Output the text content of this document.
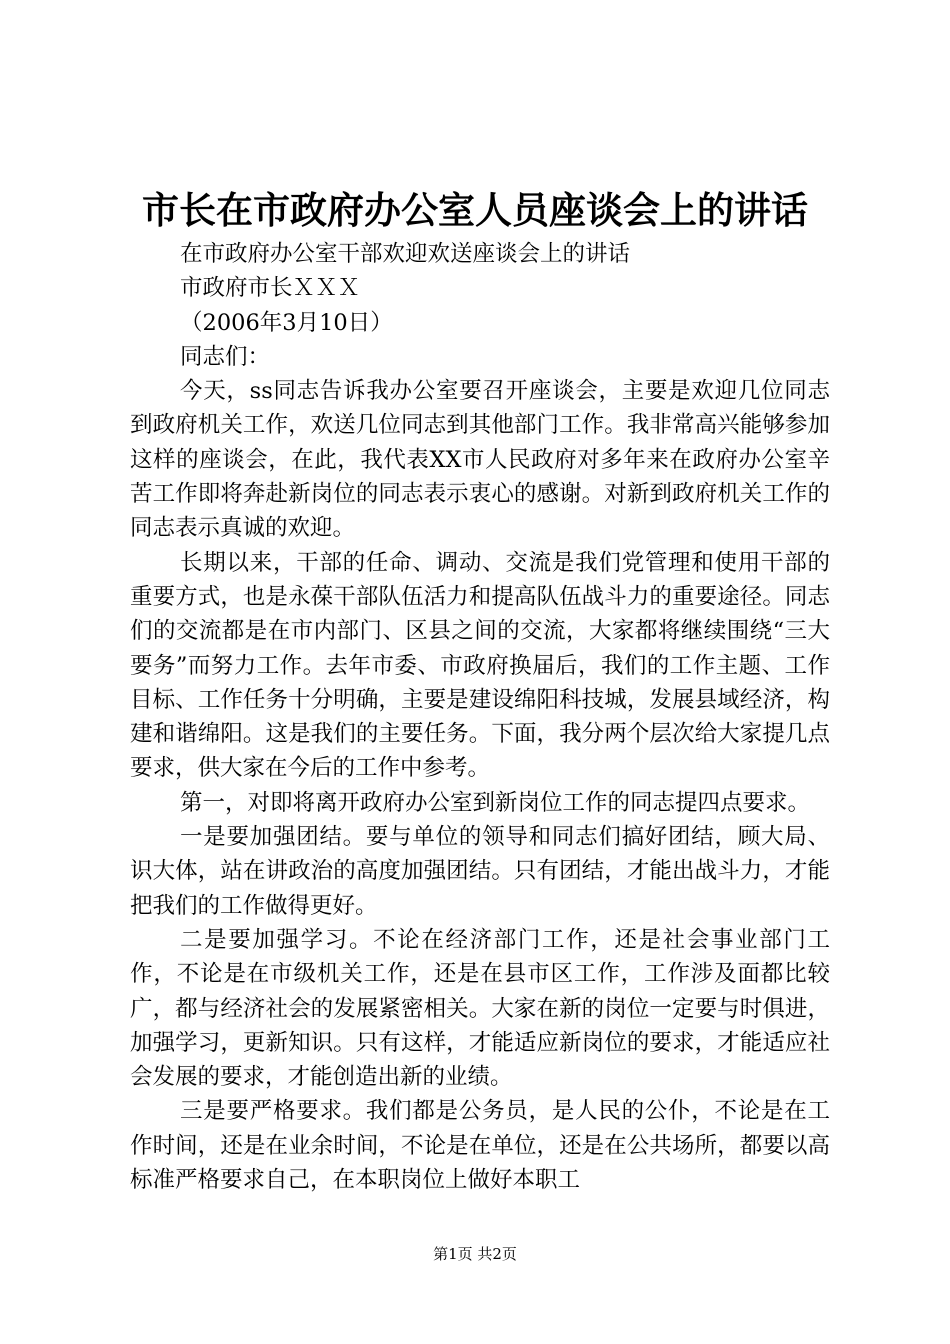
市长在市政府办公室人员座谈会上的讲话
在市政府办公室干部欢迎欢送座谈会上的讲话
市政府市长ＸＸＸ
（2006年3月10日）
同志们：

今天，ss同志告诉我办公室要召开座谈会，主要是欢迎几位同志到政府机关工作，欢送几位同志到其他部门工作。我非常高兴能够参加这样的座谈会，在此，我代表XX市人民政府对多年来在政府办公室辛苦工作即将奔赴新岗位的同志表示衷心的感谢。对新到政府机关工作的同志表示真诚的欢迎。

长期以来，干部的任命、调动、交流是我们党管理和使用干部的重要方式，也是永葆干部队伍活力和提高队伍战斗力的重要途径。同志们的交流都是在市内部门、区县之间的交流，大家都将继续围绕“三大要务”而努力工作。去年市委、市政府换届后，我们的工作主题、工作目标、工作任务十分明确，主要是建设绵阳科技城，发展县域经济，构建和谐绵阳。这是我们的主要任务。下面，我分两个层次给大家提几点要求，供大家在今后的工作中参考。

第一，对即将离开政府办公室到新岗位工作的同志提四点要求。

一是要加强团结。要与单位的领导和同志们搞好团结，顾大局、识大体，站在讲政治的高度加强团结。只有团结，才能出战斗力，才能把我们的工作做得更好。

二是要加强学习。不论在经济部门工作，还是社会事业部门工作，不论是在市级机关工作，还是在县市区工作，工作涉及面都比较广，都与经济社会的发展紧密相关。大家在新的岗位一定要与时俱进，加强学习，更新知识。只有这样，才能适应新岗位的要求，才能适应社会发展的要求，才能创造出新的业绩。

三是要严格要求。我们都是公务员，是人民的公仆，不论是在工作时间，还是在业余时间，不论是在单位，还是在公共场所，都要以高标准严格要求自己，在本职岗位上做好本职工

第1页 共2页
